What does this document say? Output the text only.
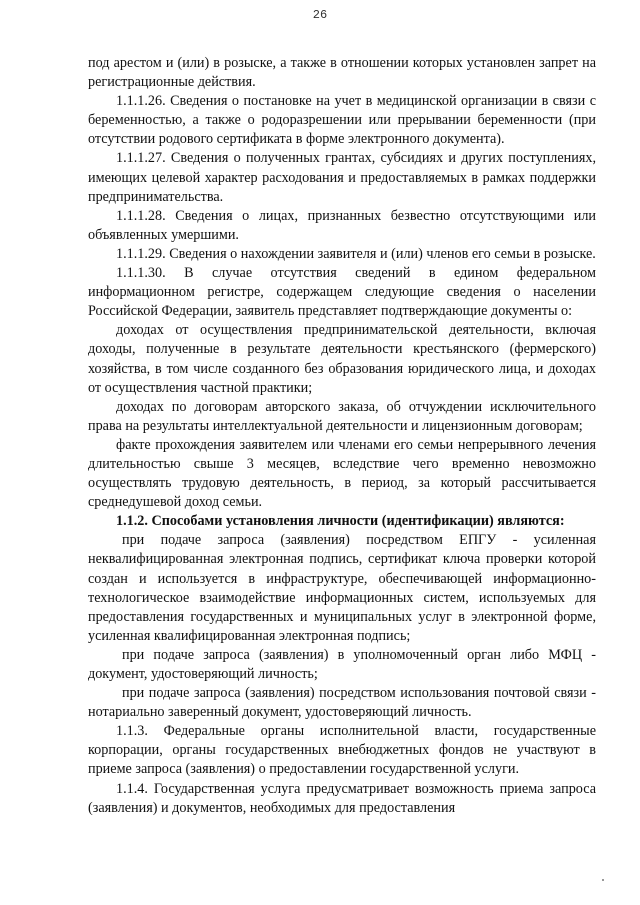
26

под арестом и (или) в розыске, а также в отношении которых установлен запрет на регистрационные действия.

1.1.1.26. Сведения о постановке на учет в медицинской организации в связи с беременностью, а также о родоразрешении или прерывании беременности (при отсутствии родового сертификата в форме электронного документа).

1.1.1.27. Сведения о полученных грантах, субсидиях и других поступлениях, имеющих целевой характер расходования и предоставляемых в рамках поддержки предпринимательства.

1.1.1.28. Сведения о лицах, признанных безвестно отсутствующими или объявленных умершими.

1.1.1.29. Сведения о нахождении заявителя и (или) членов его семьи в розыске.

1.1.1.30. В случае отсутствия сведений в едином федеральном информационном регистре, содержащем следующие сведения о населении Российской Федерации, заявитель представляет подтверждающие документы о:

доходах от осуществления предпринимательской деятельности, включая доходы, полученные в результате деятельности крестьянского (фермерского) хозяйства, в том числе созданного без образования юридического лица, и доходах от осуществления частной практики;

доходах по договорам авторского заказа, об отчуждении исключительного права на результаты интеллектуальной деятельности и лицензионным договорам;

факте прохождения заявителем или членами его семьи непрерывного лечения длительностью свыше 3 месяцев, вследствие чего временно невозможно осуществлять трудовую деятельность, в период, за который рассчитывается среднедушевой доход семьи.

1.1.2. Способами установления личности (идентификации) являются:

при подаче запроса (заявления) посредством ЕПГУ - усиленная неквалифицированная электронная подпись, сертификат ключа проверки которой создан и используется в инфраструктуре, обеспечивающей информационно-технологическое взаимодействие информационных систем, используемых для предоставления государственных и муниципальных услуг в электронной форме, усиленная квалифицированная электронная подпись;

при подаче запроса (заявления) в уполномоченный орган либо МФЦ - документ, удостоверяющий личность;

при подаче запроса (заявления) посредством использования почтовой связи - нотариально заверенный документ, удостоверяющий личность.

1.1.3. Федеральные органы исполнительной власти, государственные корпорации, органы государственных внебюджетных фондов не участвуют в приеме запроса (заявления) о предоставлении государственной услуги.

1.1.4. Государственная услуга предусматривает возможность приема запроса (заявления) и документов, необходимых для предоставления
